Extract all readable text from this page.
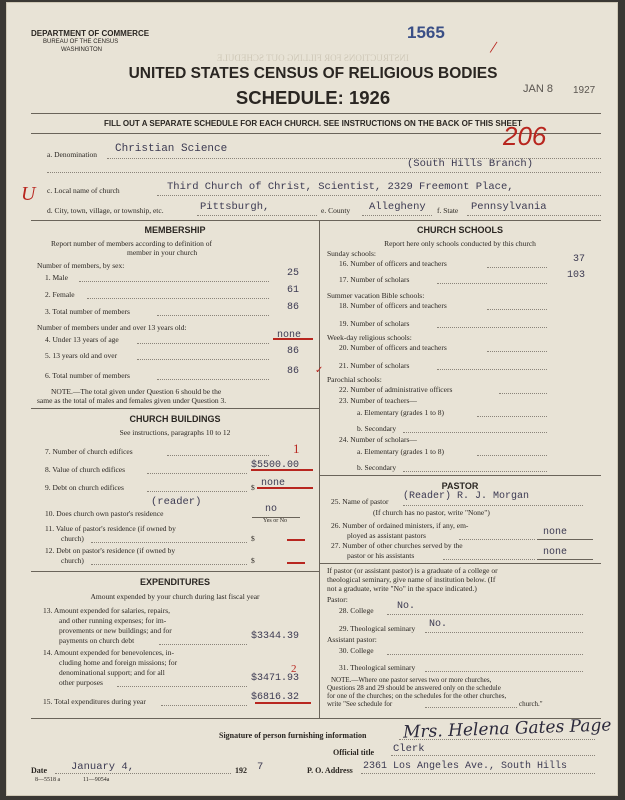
INSTRUCTIONS FOR FILLING OUT SCHEDULE
DEPARTMENT OF COMMERCE
BUREAU OF THE CENSUS
WASHINGTON
1565
/
UNITED STATES CENSUS OF RELIGIOUS BODIES
SCHEDULE: 1926	JAN 8 1927
FILL OUT A SEPARATE SCHEDULE FOR EACH CHURCH. SEE INSTRUCTIONS ON THE BACK OF THIS SHEET
206
a. Denomination Christian Science
(South Hills Branch)
c. Local name of church	Third Church of Christ, Scientist, 2329 Freemont Place,
U
d. City, town, village, or township, etc.	Pittsburgh,	e. County Allegheny f. State Pennsylvania
MEMBERSHIP
Report number of members according to definition of
member in your church
Number of members, by sex:
1. Male	25
2. Female	61
3. Total number of members	86
Number of members under and over 13 years old:
4. Under 13 years of age	none
5. 13 years old and over	86
6. Total number of members	86 ✓
NOTE.—The total given under Question 6 should be the
same as the total of males and females given under Question 3.
CHURCH BUILDINGS
See instructions, paragraphs 10 to 12
7. Number of church edifices	1
8. Value of church edifices	$5500.00
9. Debt on church edifices	$ none
(reader)
10. Does church own pastor's residence	no
Yes or No
11. Value of pastor's residence (if owned by
church)	$
12. Debt on pastor's residence (if owned by
church)	$
EXPENDITURES
Amount expended by your church during last fiscal year
13. Amount expended for salaries, repairs,
and other running expenses; for im-
provements or new buildings; and for
payments on church debt	$3344.39
14. Amount expended for benevolences, in-
cluding home and foreign missions; for
denominational support; and for all
other purposes	$3471.93
2
15. Total expenditures during year	$6816.32
CHURCH SCHOOLS
Report here only schools conducted by this church
Sunday schools:
16. Number of officers and teachers	37
17. Number of scholars	103
Summer vacation Bible schools:
18. Number of officers and teachers
19. Number of scholars
Week-day religious schools:
20. Number of officers and teachers
21. Number of scholars
Parochial schools:
22. Number of administrative officers
23. Number of teachers—
a. Elementary (grades 1 to 8)
b. Secondary
24. Number of scholars—
a. Elementary (grades 1 to 8)
b. Secondary
PASTOR
25. Name of pastor (Reader) R. J. Morgan
(If church has no pastor, write "None")
26. Number of ordained ministers, if any, em-
ployed as assistant pastors	none
27. Number of other churches served by the
pastor or his assistants	none
If pastor (or assistant pastor) is a graduate of a college or
theological seminary, give name of institution below. (If
not a graduate, write "No" in the space indicated.)
Pastor:
28. College No.
29. Theological seminary No.
Assistant pastor:
30. College
31. Theological seminary
NOTE.—Where one pastor serves two or more churches,
Questions 28 and 29 should be answered only on the schedule
for one of the churches; on the schedules for the other churches,
write "See schedule for	church."
Signature of person furnishing information Mrs. Helena Gates Page
Official title Clerk
Date January 4,	192 7	P. O. Address 2361 Los Angeles Ave., South Hills
8—5518 a	11—9054a
